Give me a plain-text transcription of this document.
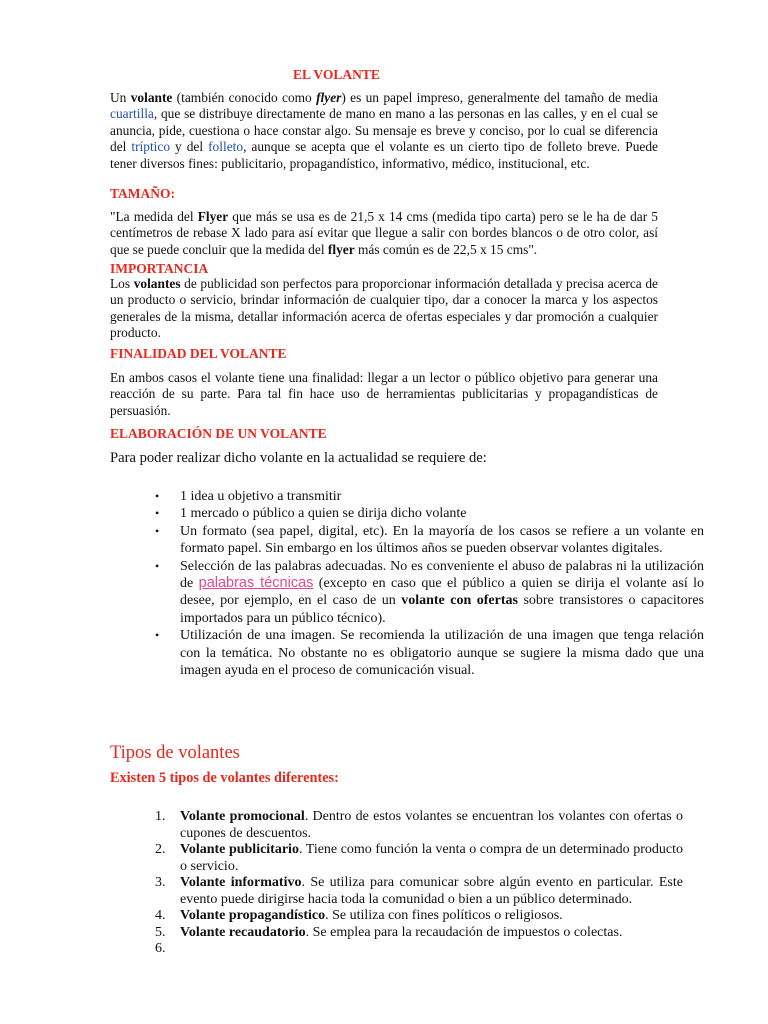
EL VOLANTE

Un volante (también conocido como flyer) es un papel impreso, generalmente del tamaño de media cuartilla, que se distribuye directamente de mano en mano a las personas en las calles, y en el cual se anuncia, pide, cuestiona o hace constar algo. Su mensaje es breve y conciso, por lo cual se diferencia del tríptico y del folleto, aunque se acepta que el volante es un cierto tipo de folleto breve. Puede tener diversos fines: publicitario, propagandístico, informativo, médico, institucional, etc.

TAMAÑO:

"La medida del Flyer que más se usa es de 21,5 x 14 cms (medida tipo carta) pero se le ha de dar 5 centímetros de rebase X lado para así evitar que llegue a salir con bordes blancos o de otro color, así que se puede concluir que la medida del flyer más común es de 22,5 x 15 cms".

IMPORTANCIA

Los volantes de publicidad son perfectos para proporcionar información detallada y precisa acerca de un producto o servicio, brindar información de cualquier tipo, dar a conocer la marca y los aspectos generales de la misma, detallar información acerca de ofertas especiales y dar promoción a cualquier producto.

FINALIDAD DEL VOLANTE

En ambos casos el volante tiene una finalidad: llegar a un lector o público objetivo para generar una reacción de su parte. Para tal fin hace uso de herramientas publicitarias y propagandísticas de persuasión.

ELABORACIÓN DE UN VOLANTE

Para poder realizar dicho volante en la actualidad se requiere de:

• 1 idea u objetivo a transmitir
• 1 mercado o público a quien se dirija dicho volante
• Un formato (sea papel, digital, etc). En la mayoría de los casos se refiere a un volante en formato papel. Sin embargo en los últimos años se pueden observar volantes digitales.
• Selección de las palabras adecuadas. No es conveniente el abuso de palabras ni la utilización de palabras técnicas (excepto en caso que el público a quien se dirija el volante así lo desee, por ejemplo, en el caso de un volante con ofertas sobre transistores o capacitores importados para un público técnico).
• Utilización de una imagen. Se recomienda la utilización de una imagen que tenga relación con la temática. No obstante no es obligatorio aunque se sugiere la misma dado que una imagen ayuda en el proceso de comunicación visual.
Tipos de volantes

Existen 5 tipos de volantes diferentes:

1. Volante promocional. Dentro de estos volantes se encuentran los volantes con ofertas o cupones de descuentos.
2. Volante publicitario. Tiene como función la venta o compra de un determinado producto o servicio.
3. Volante informativo. Se utiliza para comunicar sobre algún evento en particular. Este evento puede dirigirse hacia toda la comunidad o bien a un público determinado.
4. Volante propagandístico. Se utiliza con fines políticos o religiosos.
5. Volante recaudatorio. Se emplea para la recaudación de impuestos o colectas.
6.
